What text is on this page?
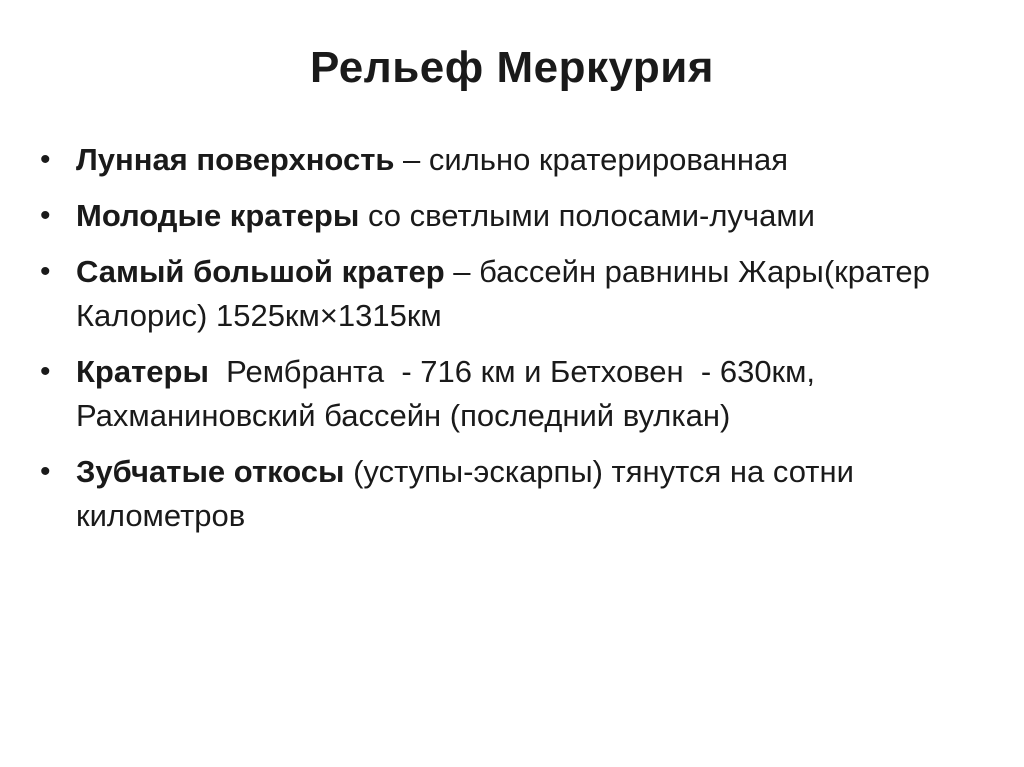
Рельеф Меркурия
• Лунная поверхность – сильно кратерированная
• Молодые кратеры со светлыми полосами-лучами
• Самый большой кратер – бассейн равнины Жары(кратер Калорис) 1525км×1315км
• Кратеры  Рембранта  - 716 км и Бетховен  - 630км, Рахманиновский бассейн (последний вулкан)
• Зубчатые откосы (уступы-эскарпы) тянутся на сотни километров
